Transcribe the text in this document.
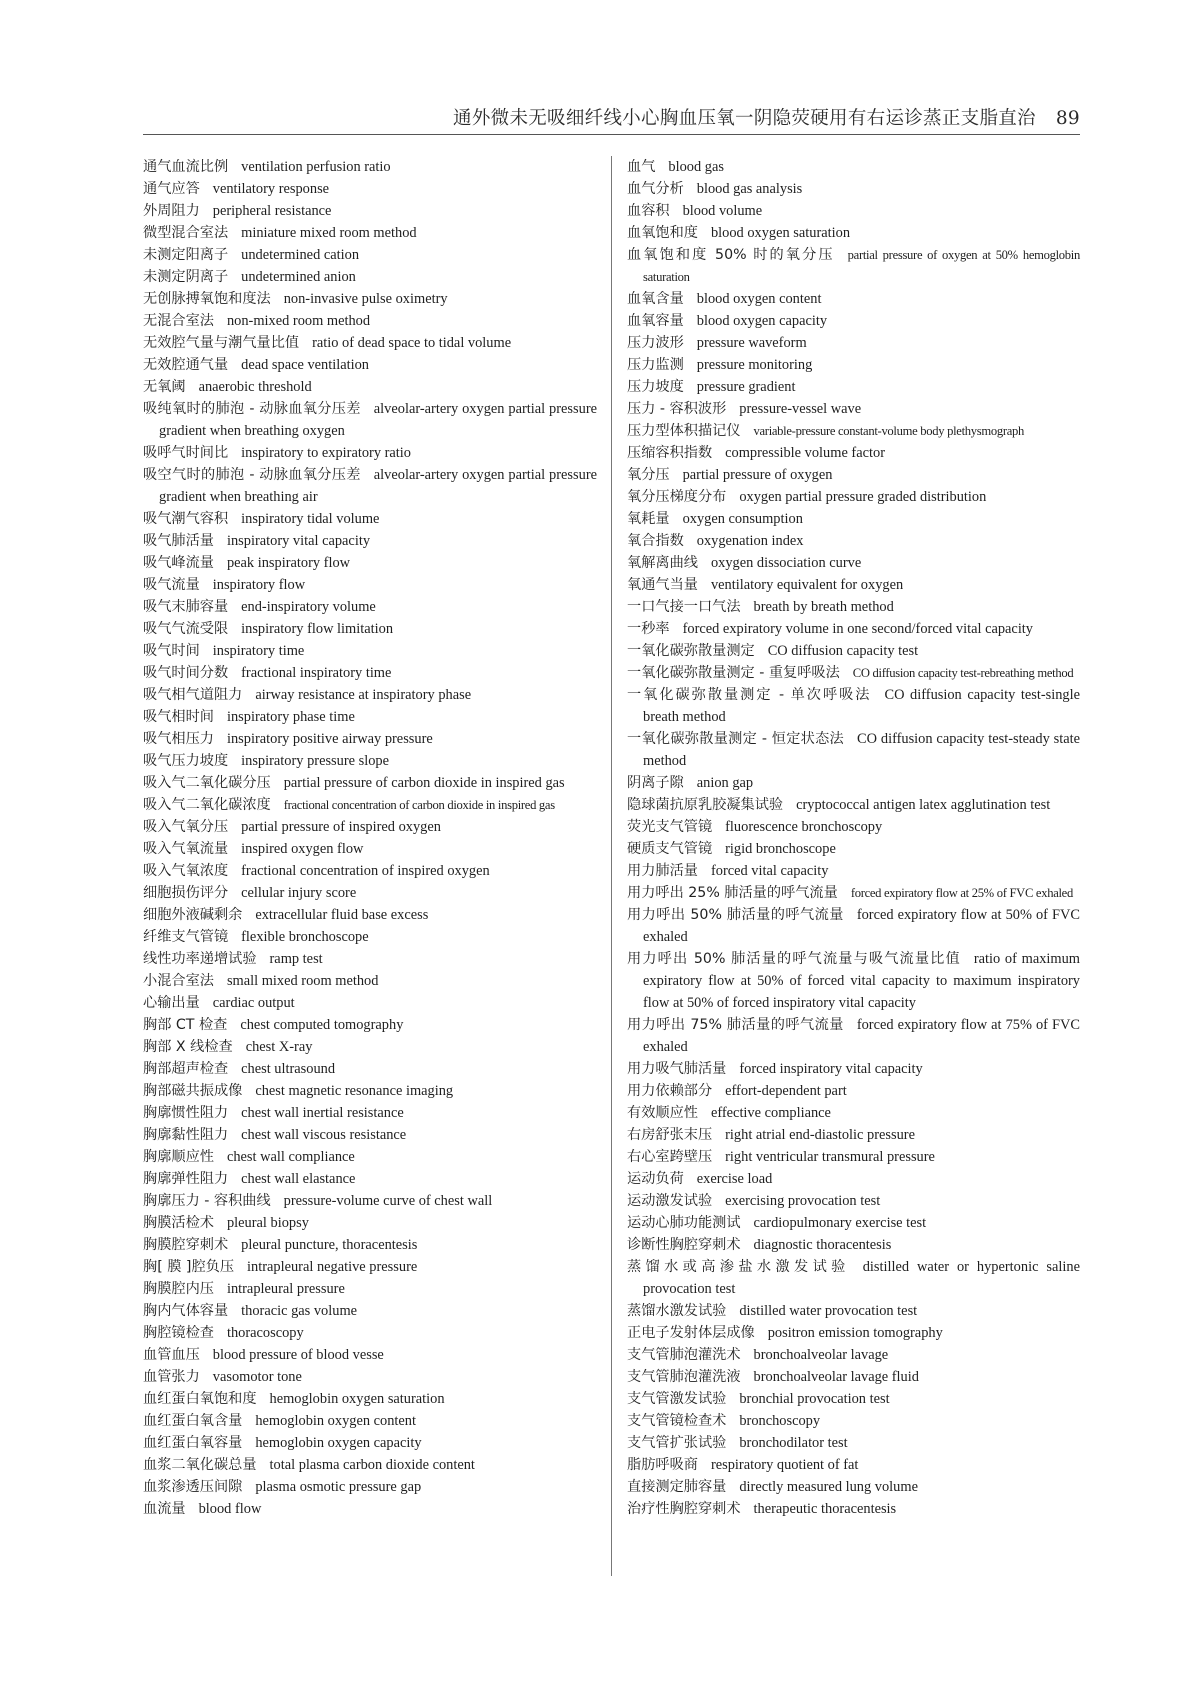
通外微未无吸细纤线小心胸血压氧一阴隐荧硬用有右运诊蒸正支脂直治 89
通气血流比例 ventilation perfusion ratio
通气应答 ventilatory response
外周阻力 peripheral resistance
微型混合室法 miniature mixed room method
未测定阳离子 undetermined cation
未测定阴离子 undetermined anion
无创脉搏氧饱和度法 non-invasive pulse oximetry
无混合室法 non-mixed room method
无效腔气量与潮气量比值 ratio of dead space to tidal volume
无效腔通气量 dead space ventilation
无氧阈 anaerobic threshold
吸纯氧时的肺泡 - 动脉血氧分压差 alveolar-artery oxygen partial pressure gradient when breathing oxygen
吸呼气时间比 inspiratory to expiratory ratio
吸空气时的肺泡 - 动脉血氧分压差 alveolar-artery oxygen partial pressure gradient when breathing air
吸气潮气容积 inspiratory tidal volume
吸气肺活量 inspiratory vital capacity
吸气峰流量 peak inspiratory flow
吸气流量 inspiratory flow
吸气末肺容量 end-inspiratory volume
吸气气流受限 inspiratory flow limitation
吸气时间 inspiratory time
吸气时间分数 fractional inspiratory time
吸气相气道阻力 airway resistance at inspiratory phase
吸气相时间 inspiratory phase time
吸气相压力 inspiratory positive airway pressure
吸气压力坡度 inspiratory pressure slope
吸入气二氧化碳分压 partial pressure of carbon dioxide in inspired gas
吸入气二氧化碳浓度 fractional concentration of carbon dioxide in inspired gas
吸入气氧分压 partial pressure of inspired oxygen
吸入气氧流量 inspired oxygen flow
吸入气氧浓度 fractional concentration of inspired oxygen
细胞损伤评分 cellular injury score
细胞外液碱剩余 extracellular fluid base excess
纤维支气管镜 flexible bronchoscope
线性功率递增试验 ramp test
小混合室法 small mixed room method
心输出量 cardiac output
胸部 CT 检查 chest computed tomography
胸部 X 线检查 chest X-ray
胸部超声检查 chest ultrasound
胸部磁共振成像 chest magnetic resonance imaging
胸廓惯性阻力 chest wall inertial resistance
胸廓黏性阻力 chest wall viscous resistance
胸廓顺应性 chest wall compliance
胸廓弹性阻力 chest wall elastance
胸廓压力 - 容积曲线 pressure-volume curve of chest wall
胸膜活检术 pleural biopsy
胸膜腔穿刺术 pleural puncture, thoracentesis
胸[ 膜 ]腔负压 intrapleural negative pressure
胸膜腔内压 intrapleural pressure
胸内气体容量 thoracic gas volume
胸腔镜检查 thoracoscopy
血管血压 blood pressure of blood vesse
血管张力 vasomotor tone
血红蛋白氧饱和度 hemoglobin oxygen saturation
血红蛋白氧含量 hemoglobin oxygen content
血红蛋白氧容量 hemoglobin oxygen capacity
血浆二氧化碳总量 total plasma carbon dioxide content
血浆渗透压间隙 plasma osmotic pressure gap
血流量 blood flow
血气 blood gas
血气分析 blood gas analysis
血容积 blood volume
血氧饱和度 blood oxygen saturation
血氧饱和度 50% 时的氧分压 partial pressure of oxygen at 50% hemoglobin saturation
血氧含量 blood oxygen content
血氧容量 blood oxygen capacity
压力波形 pressure waveform
压力监测 pressure monitoring
压力坡度 pressure gradient
压力 - 容积波形 pressure-vessel wave
压力型体积描记仪 variable-pressure constant-volume body plethysmograph
压缩容积指数 compressible volume factor
氧分压 partial pressure of oxygen
氧分压梯度分布 oxygen partial pressure graded distribution
氧耗量 oxygen consumption
氧合指数 oxygenation index
氧解离曲线 oxygen dissociation curve
氧通气当量 ventilatory equivalent for oxygen
一口气接一口气法 breath by breath method
一秒率 forced expiratory volume in one second/forced vital capacity
一氧化碳弥散量测定 CO diffusion capacity test
一氧化碳弥散量测定 - 重复呼吸法 CO diffusion capacity test-rebreathing method
一氧化碳弥散量测定 - 单次呼吸法 CO diffusion capacity test-single breath method
一氧化碳弥散量测定 - 恒定状态法 CO diffusion capacity test-steady state method
阴离子隙 anion gap
隐球菌抗原乳胶凝集试验 cryptococcal antigen latex agglutination test
荧光支气管镜 fluorescence bronchoscopy
硬质支气管镜 rigid bronchoscope
用力肺活量 forced vital capacity
用力呼出 25% 肺活量的呼气流量 forced expiratory flow at 25% of FVC exhaled
用力呼出 50% 肺活量的呼气流量 forced expiratory flow at 50% of FVC exhaled
用力呼出 50% 肺活量的呼气流量与吸气流量比值 ratio of maximum expiratory flow at 50% of forced vital capacity to maximum inspiratory flow at 50% of forced inspiratory vital capacity
用力呼出 75% 肺活量的呼气流量 forced expiratory flow at 75% of FVC exhaled
用力吸气肺活量 forced inspiratory vital capacity
用力依赖部分 effort-dependent part
有效顺应性 effective compliance
右房舒张末压 right atrial end-diastolic pressure
右心室跨壁压 right ventricular transmural pressure
运动负荷 exercise load
运动激发试验 exercising provocation test
运动心肺功能测试 cardiopulmonary exercise test
诊断性胸腔穿刺术 diagnostic thoracentesis
蒸馏水或高渗盐水激发试验 distilled water or hypertonic saline provocation test
蒸馏水激发试验 distilled water provocation test
正电子发射体层成像 positron emission tomography
支气管肺泡灌洗术 bronchoalveolar lavage
支气管肺泡灌洗液 bronchoalveolar lavage fluid
支气管激发试验 bronchial provocation test
支气管镜检查术 bronchoscopy
支气管扩张试验 bronchodilator test
脂肪呼吸商 respiratory quotient of fat
直接测定肺容量 directly measured lung volume
治疗性胸腔穿刺术 therapeutic thoracentesis
